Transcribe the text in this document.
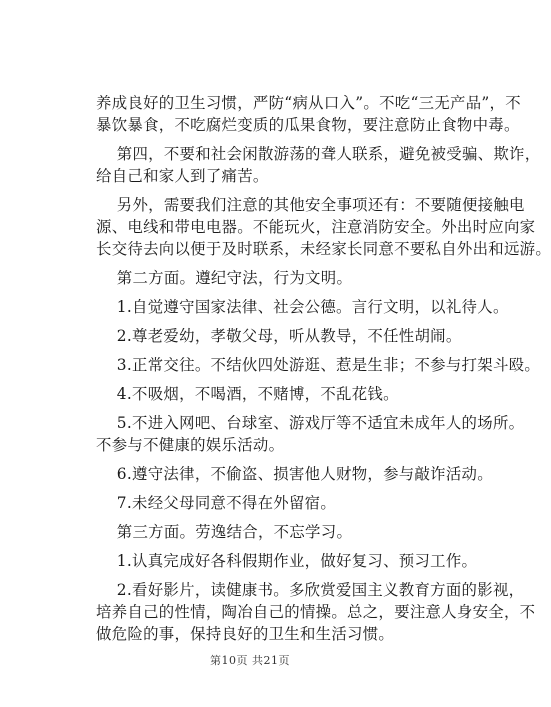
养成良好的卫生习惯，严防“病从口入”。不吃“三无产品”，不
暴饮暴食，不吃腐烂变质的瓜果食物，要注意防止食物中毒。
第四，不要和社会闲散游荡的聋人联系，避免被受骗、欺诈，
给自己和家人到了痛苦。
另外，需要我们注意的其他安全事项还有：不要随便接触电
源、电线和带电电器。不能玩火，注意消防安全。外出时应向家
长交待去向以便于及时联系，未经家长同意不要私自外出和远游。
第二方面。遵纪守法，行为文明。
1.自觉遵守国家法律、社会公德。言行文明，以礼待人。
2.尊老爱幼，孝敬父母，听从教导，不任性胡闹。
3.正常交往。不结伙四处游逛、惹是生非；不参与打架斗殴。
4.不吸烟，不喝酒，不赌博，不乱花钱。
5.不进入网吧、台球室、游戏厅等不适宜未成年人的场所。
不参与不健康的娱乐活动。
6.遵守法律，不偷盗、损害他人财物，参与敲诈活动。
7.未经父母同意不得在外留宿。
第三方面。劳逸结合，不忘学习。
1.认真完成好各科假期作业，做好复习、预习工作。
2.看好影片，读健康书。多欣赏爱国主义教育方面的影视，
培养自己的性情，陶冶自己的情操。总之，要注意人身安全，不
做危险的事，保持良好的卫生和生活习惯。
第10页 共21页
